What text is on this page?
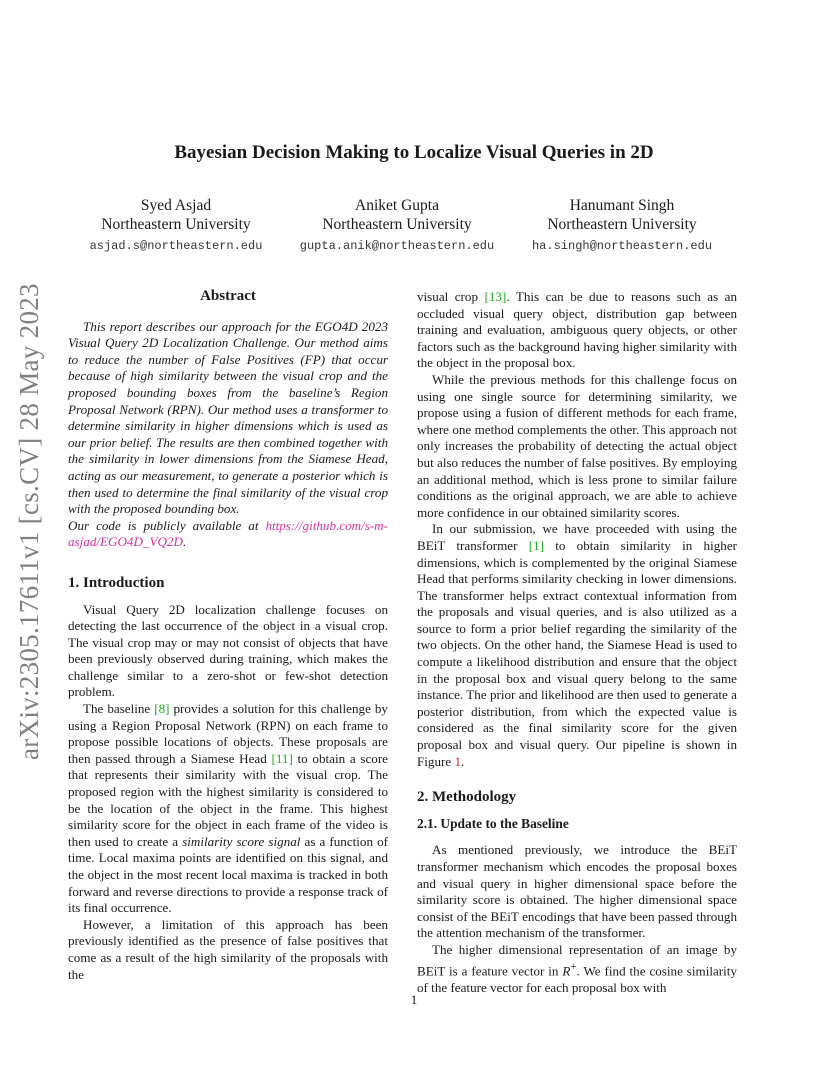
Bayesian Decision Making to Localize Visual Queries in 2D
Syed Asjad
Northeastern University
asjad.s@northeastern.edu
Aniket Gupta
Northeastern University
gupta.anik@northeastern.edu
Hanumant Singh
Northeastern University
ha.singh@northeastern.edu
arXiv:2305.17611v1 [cs.CV] 28 May 2023	Abstract

This report describes our approach for the EGO4D 2023 Visual Query 2D Localization Challenge. Our method aims to reduce the number of False Positives (FP) that occur because of high similarity between the visual crop and the proposed bounding boxes from the baseline’s Region Proposal Network (RPN). Our method uses a transformer to determine similarity in higher dimensions which is used as our prior belief. The results are then combined together with the similarity in lower dimensions from the Siamese Head, acting as our measurement, to generate a posterior which is then used to determine the final similarity of the visual crop with the proposed bounding box.

Our code is publicly available at https://github.com/s-m-asjad/EGO4D_VQ2D.

1. Introduction

Visual Query 2D localization challenge focuses on detecting the last occurrence of the object in a visual crop. The visual crop may or may not consist of objects that have been previously observed during training, which makes the challenge similar to a zero-shot or few-shot detection problem.

The baseline [8] provides a solution for this challenge by using a Region Proposal Network (RPN) on each frame to propose possible locations of objects. These proposals are then passed through a Siamese Head [11] to obtain a score that represents their similarity with the visual crop. The proposed region with the highest similarity is considered to be the location of the object in the frame. This highest similarity score for the object in each frame of the video is then used to create a similarity score signal as a function of time. Local maxima points are identified on this signal, and the object in the most recent local maxima is tracked in both forward and reverse directions to provide a response track of its final occurrence.

However, a limitation of this approach has been previously identified as the presence of false positives that come as a result of the high similarity of the proposals with the

visual crop [13]. This can be due to reasons such as an occluded visual query object, distribution gap between training and evaluation, ambiguous query objects, or other factors such as the background having higher similarity with the object in the proposal box.

While the previous methods for this challenge focus on using one single source for determining similarity, we propose using a fusion of different methods for each frame, where one method complements the other. This approach not only increases the probability of detecting the actual object but also reduces the number of false positives. By employing an additional method, which is less prone to similar failure conditions as the original approach, we are able to achieve more confidence in our obtained similarity scores.

In our submission, we have proceeded with using the BEiT transformer [1] to obtain similarity in higher dimensions, which is complemented by the original Siamese Head that performs similarity checking in lower dimensions. The transformer helps extract contextual information from the proposals and visual queries, and is also utilized as a source to form a prior belief regarding the similarity of the two objects. On the other hand, the Siamese Head is used to compute a likelihood distribution and ensure that the object in the proposal box and visual query belong to the same instance. The prior and likelihood are then used to generate a posterior distribution, from which the expected value is considered as the final similarity score for the given proposal box and visual query. Our pipeline is shown in Figure 1.

2. Methodology
2.1. Update to the Baseline

As mentioned previously, we introduce the BEiT transformer mechanism which encodes the proposal boxes and visual query in higher dimensional space before the similarity score is obtained. The higher dimensional space consist of the BEiT encodings that have been passed through the attention mechanism of the transformer.

The higher dimensional representation of an image by BEiT is a feature vector in R+. We find the cosine similarity of the feature vector for each proposal box with

1
